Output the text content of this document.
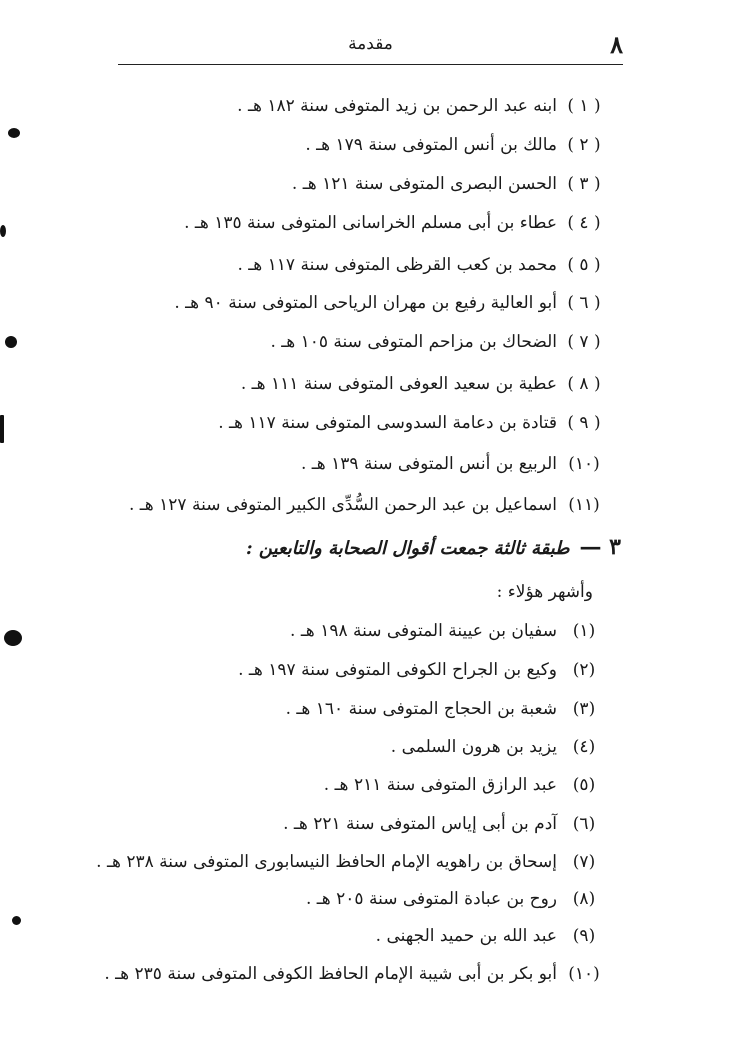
٨
مقدمة
( ١ )ابنه عبد الرحمن بن زيد المتوفى سنة ١٨٢ هـ .
( ٢ )مالك بن أنس المتوفى سنة ١٧٩ هـ .
( ٣ )الحسن البصرى المتوفى سنة ١٢١ هـ .
( ٤ )عطاء بن أبى مسلم الخراسانى المتوفى سنة ١٣٥ هـ .
( ٥ )محمد بن كعب القرظى المتوفى سنة ١١٧ هـ .
( ٦ )أبو العالية رفيع بن مهران الرياحى المتوفى سنة ٩٠ هـ .
( ٧ )الضحاك بن مزاحم المتوفى سنة ١٠٥ هـ .
( ٨ )عطية بن سعيد العوفى المتوفى سنة ١١١ هـ .
( ٩ )قتادة بن دعامة السدوسى المتوفى سنة ١١٧ هـ .
(١٠)الربيع بن أنس المتوفى سنة ١٣٩ هـ .
(١١)اسماعيل بن عبد الرحمن السُّدِّى الكبير المتوفى سنة ١٢٧ هـ .
٣ —طبقة ثالثة جمعت أقوال الصحابة والتابعين :
وأشهر هؤلاء :
(١)سفيان بن عيينة المتوفى سنة ١٩٨ هـ .
(٢)وكيع بن الجراح الكوفى المتوفى سنة ١٩٧ هـ .
(٣)شعبة بن الحجاج المتوفى سنة ١٦٠ هـ .
(٤)يزيد بن هرون السلمى .
(٥)عبد الرازق المتوفى سنة ٢١١ هـ .
(٦)آدم بن أبى إياس المتوفى سنة ٢٢١ هـ .
(٧)إسحاق بن راهويه الإمام الحافظ النيسابورى المتوفى سنة ٢٣٨ هـ .
(٨)روح بن عبادة المتوفى سنة ٢٠٥ هـ .
(٩)عبد الله بن حميد الجهنى .
(١٠)أبو بكر بن أبى شيبة الإمام الحافظ الكوفى المتوفى سنة ٢٣٥ هـ .
